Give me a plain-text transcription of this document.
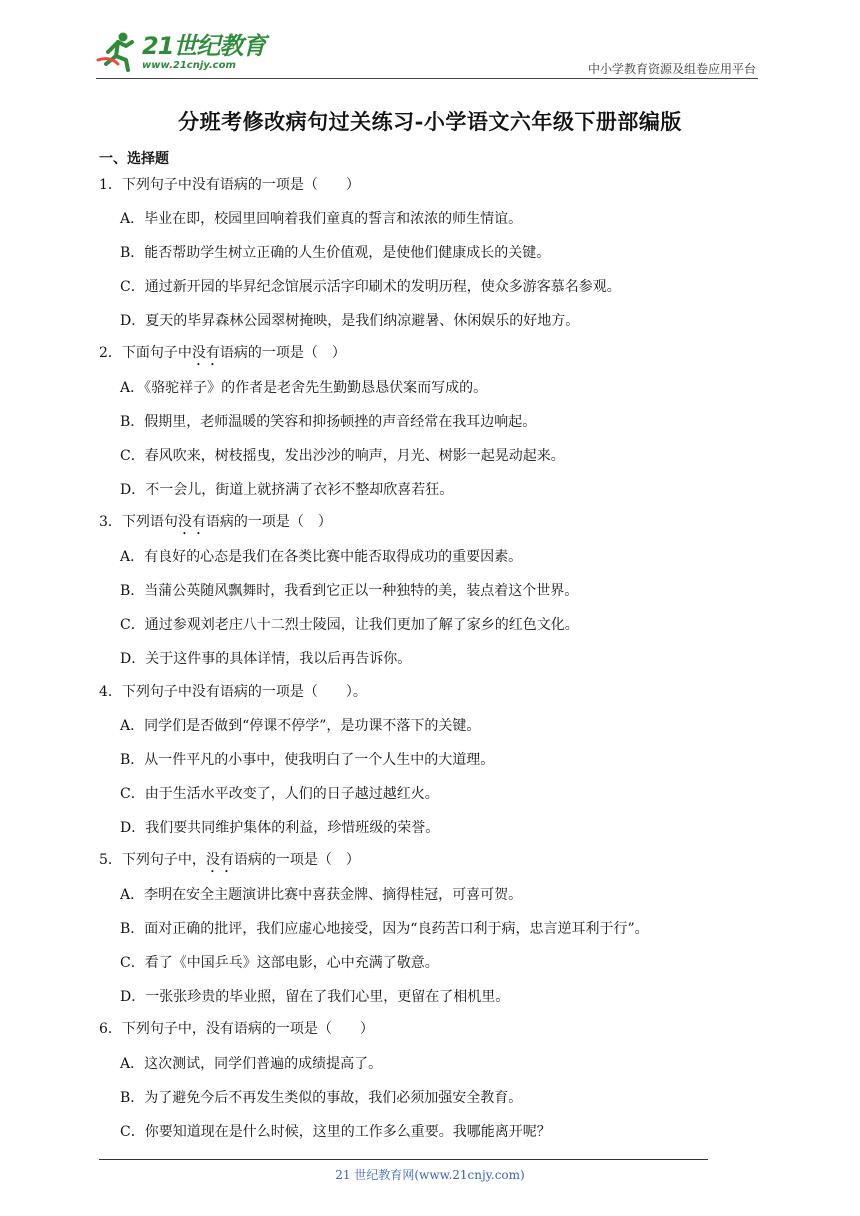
21世纪教育
www.21cnjy.com	中小学教育资源及组卷应用平台
分班考修改病句过关练习-小学语文六年级下册部编版
一、选择题
1．下列句子中没有语病的一项是（　　）
A．毕业在即，校园里回响着我们童真的誓言和浓浓的师生情谊。
B．能否帮助学生树立正确的人生价值观，是使他们健康成长的关键。
C．通过新开园的毕昇纪念馆展示活字印刷术的发明历程，使众多游客慕名参观。
D．夏天的毕昇森林公园翠树掩映，是我们纳凉避暑、休闲娱乐的好地方。
2．下面句子中没有语病的一项是（　）
A．《骆驼祥子》的作者是老舍先生勤勤恳恳伏案而写成的。
B．假期里，老师温暖的笑容和抑扬顿挫的声音经常在我耳边响起。
C．春风吹来，树枝摇曳，发出沙沙的响声，月光、树影一起晃动起来。
D．不一会儿，街道上就挤满了衣衫不整却欣喜若狂。
3．下列语句没有语病的一项是（　）
A．有良好的心态是我们在各类比赛中能否取得成功的重要因素。
B．当蒲公英随风飘舞时，我看到它正以一种独特的美，装点着这个世界。
C．通过参观刘老庄八十二烈士陵园，让我们更加了解了家乡的红色文化。
D．关于这件事的具体详情，我以后再告诉你。
4．下列句子中没有语病的一项是（　　）。
A．同学们是否做到“停课不停学”，是功课不落下的关键。
B．从一件平凡的小事中，使我明白了一个人生中的大道理。
C．由于生活水平改变了，人们的日子越过越红火。
D．我们要共同维护集体的利益，珍惜班级的荣誉。
5．下列句子中，没有语病的一项是（　）
A．李明在安全主题演讲比赛中喜获金牌、摘得桂冠，可喜可贺。
B．面对正确的批评，我们应虚心地接受，因为“良药苦口利于病，忠言逆耳利于行”。
C．看了《中国乒乓》这部电影，心中充满了敬意。
D．一张张珍贵的毕业照，留在了我们心里，更留在了相机里。
6．下列句子中，没有语病的一项是（　　）
A．这次测试，同学们普遍的成绩提高了。
B．为了避免今后不再发生类似的事故，我们必须加强安全教育。
C．你要知道现在是什么时候，这里的工作多么重要。我哪能离开呢？
21 世纪教育网(www.21cnjy.com)
